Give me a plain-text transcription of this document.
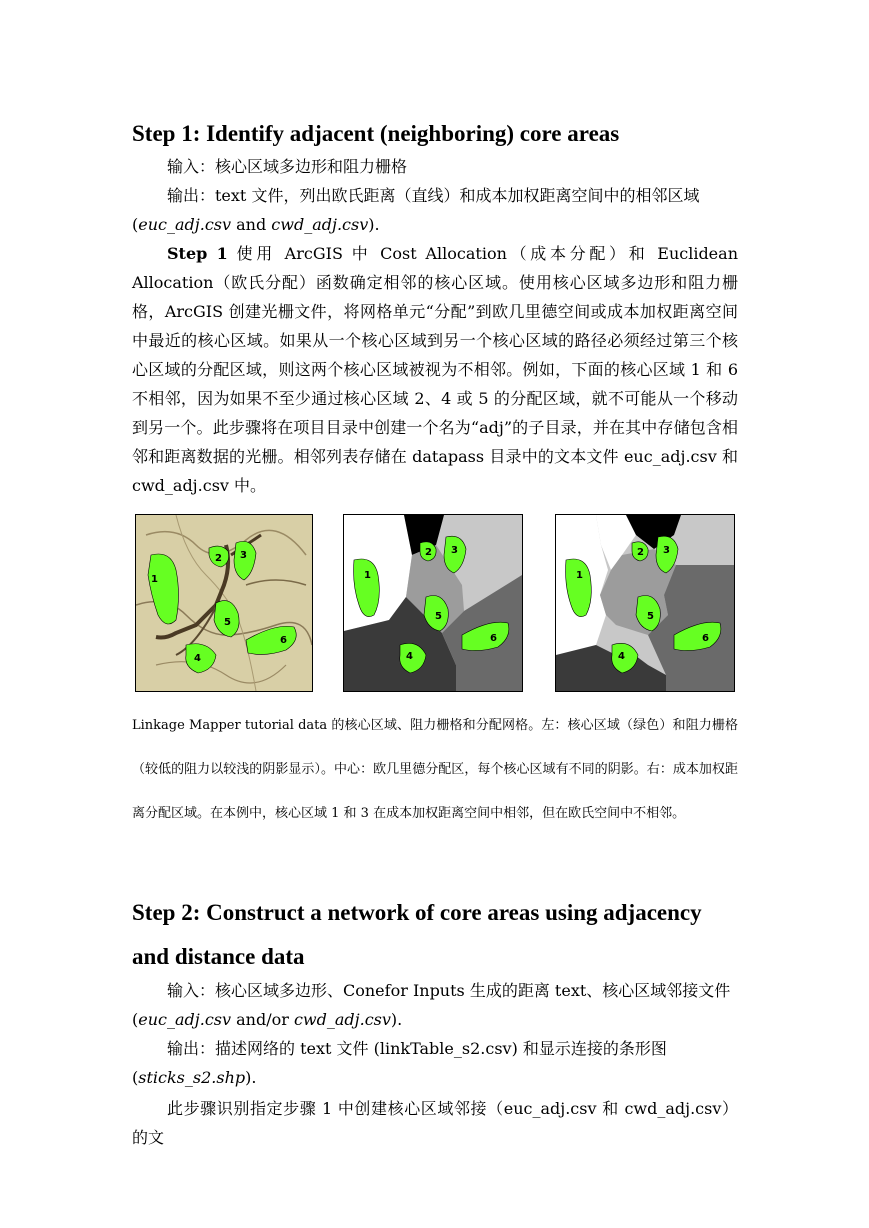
Step 1: Identify adjacent (neighboring) core areas

输入：核心区域多边形和阻力栅格

输出：text 文件，列出欧氏距离（直线）和成本加权距离空间中的相邻区域
(euc_adj.csv and cwd_adj.csv).

Step 1 使用 ArcGIS 中 Cost Allocation（成本分配）和 Euclidean Allocation（欧氏分配）函数确定相邻的核心区域。使用核心区域多边形和阻力栅格，ArcGIS 创建光栅文件，将网格单元“分配”到欧几里德空间或成本加权距离空间中最近的核心区域。如果从一个核心区域到另一个核心区域的路径必须经过第三个核心区域的分配区域，则这两个核心区域被视为不相邻。例如，下面的核心区域 1 和 6 不相邻，因为如果不至少通过核心区域 2、4 或 5 的分配区域，就不可能从一个移动到另一个。此步骤将在项目目录中创建一个名为“adj”的子目录，并在其中存储包含相邻和距离数据的光栅。相邻列表存储在 datapass 目录中的文本文件 euc_adj.csv 和 cwd_adj.csv 中。

1
2 3
5
4
6
1
2 3
5
4
6
1
2 3
5
4
6

Linkage Mapper tutorial data 的核心区域、阻力栅格和分配网格。左：核心区域（绿色）和阻力栅格（较低的阻力以较浅的阴影显示）。中心：欧几里德分配区，每个核心区域有不同的阴影。右：成本加权距离分配区域。在本例中，核心区域 1 和 3 在成本加权距离空间中相邻，但在欧氏空间中不相邻。

Step 2: Construct a network of core areas using adjacency and distance data

输入：核心区域多边形、Conefor Inputs 生成的距离 text、核心区域邻接文件
(euc_adj.csv and/or cwd_adj.csv).

输出：描述网络的 text 文件 (linkTable_s2.csv) 和显示连接的条形图
(sticks_s2.shp).

此步骤识别指定步骤 1 中创建核心区域邻接（euc_adj.csv 和 cwd_adj.csv）的文
